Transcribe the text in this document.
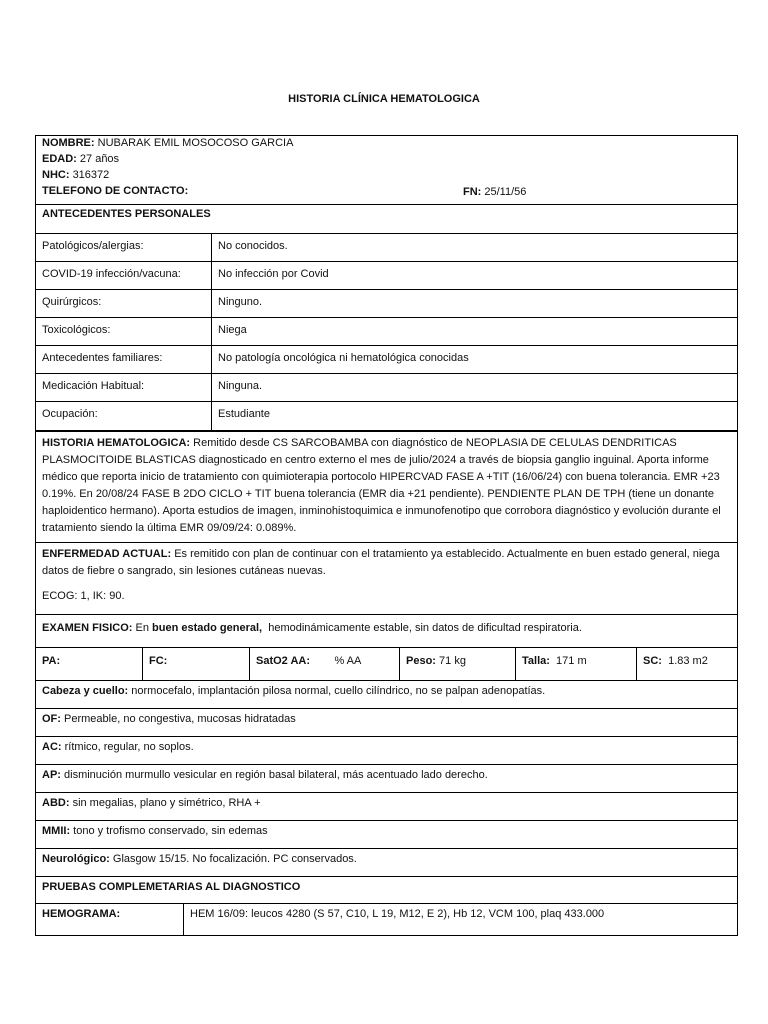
HISTORIA CLÍNICA HEMATOLOGICA
NOMBRE: NUBARAK EMIL MOSOCOSO GARCIA
EDAD: 27 años
NHC: 316372
TELEFONO DE CONTACTO:	FN: 25/11/56
ANTECEDENTES PERSONALES
Patológicos/alergias:	No conocidos.
COVID-19 infección/vacuna:	No infección por Covid
Quirúrgicos:	Ninguno.
Toxicológicos:	Niega
Antecedentes familiares:	No patología oncológica ni hematológica conocidas
Medicación Habitual:	Ninguna.
Ocupación:	Estudiante
HISTORIA HEMATOLOGICA: Remitido desde CS SARCOBAMBA con diagnóstico de NEOPLASIA DE CELULAS DENDRITICAS PLASMOCITOIDE BLASTICAS diagnosticado en centro externo el mes de julio/2024 a través de biopsia ganglio inguinal. Aporta informe médico que reporta inicio de tratamiento con quimioterapia portocolo HIPERCVAD FASE A +TIT (16/06/24) con buena tolerancia. EMR +23 0.19%. En 20/08/24 FASE B 2DO CICLO + TIT buena tolerancia (EMR dia +21 pendiente). PENDIENTE PLAN DE TPH (tiene un donante haploidentico hermano). Aporta estudios de imagen, inminohistoquimica e inmunofenotipo que corrobora diagnóstico y evolución durante el tratamiento siendo la última EMR 09/09/24: 0.089%.

ENFERMEDAD ACTUAL: Es remitido con plan de continuar con el tratamiento ya establecido. Actualmente en buen estado general, niega datos de fiebre o sangrado, sin lesiones cutáneas nuevas.

ECOG: 1, IK: 90.

EXAMEN FISICO: En buen estado general, hemodinámicamente estable, sin datos de dificultad respiratoria.
PA:	FC:	SatO2 AA: % AA	Peso: 71 kg	Talla: 171 m	SC: 1.83 m2
Cabeza y cuello: normocefalo, implantación pilosa normal, cuello cilíndrico, no se palpan adenopatías.
OF: Permeable, no congestiva, mucosas hidratadas
AC: rítmico, regular, no soplos.
AP: disminución murmullo vesicular en región basal bilateral, más acentuado lado derecho.
ABD: sin megalias, plano y simétrico, RHA +
MMII: tono y trofismo conservado, sin edemas
Neurológico: Glasgow 15/15. No focalización. PC conservados.
PRUEBAS COMPLEMETARIAS AL DIAGNOSTICO
HEMOGRAMA:	HEM 16/09: leucos 4280 (S 57, C10, L 19, M12, E 2), Hb 12, VCM 100, plaq 433.000
